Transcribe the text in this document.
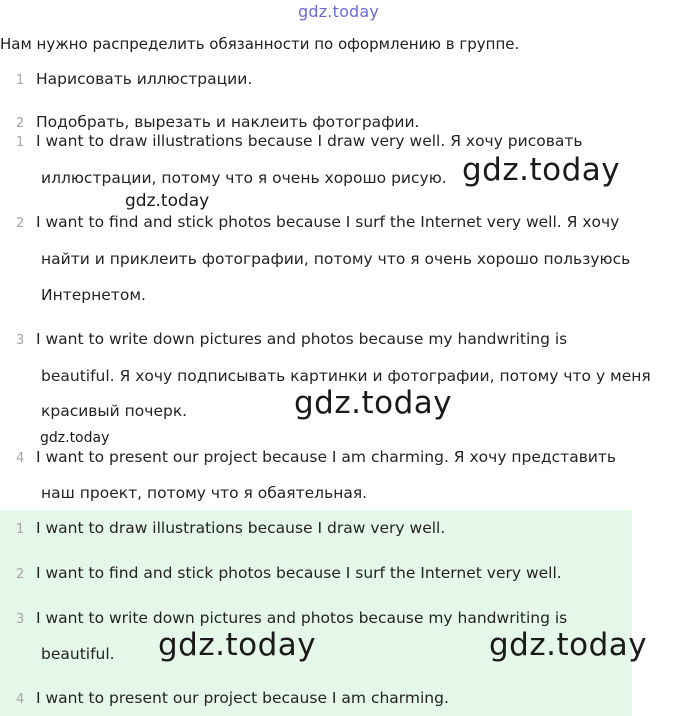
gdz.today
Нам нужно распределить обязанности по оформлению в группе.
1 Нарисовать иллюстрации.
2 Подобрать, вырезать и наклеить фотографии.
1 I want to draw illustrations because I draw very well. Я хочу рисовать
иллюстрации, потому что я очень хорошо рисую.
2 I want to find and stick photos because I surf the Internet very well. Я хочу
найти и приклеить фотографии, потому что я очень хорошо пользуюсь
Интернетом.
3 I want to write down pictures and photos because my handwriting is
beautiful. Я хочу подписывать картинки и фотографии, потому что у меня
красивый почерк.
4 I want to present our project because I am charming. Я хочу представить
наш проект, потому что я обаятельная.
1 I want to draw illustrations because I draw very well.
2 I want to find and stick photos because I surf the Internet very well.
3 I want to write down pictures and photos because my handwriting is
beautiful.
4 I want to present our project because I am charming.
gdz.today
gdz.today
gdz.today
gdz.today
gdz.today	gdz.today
